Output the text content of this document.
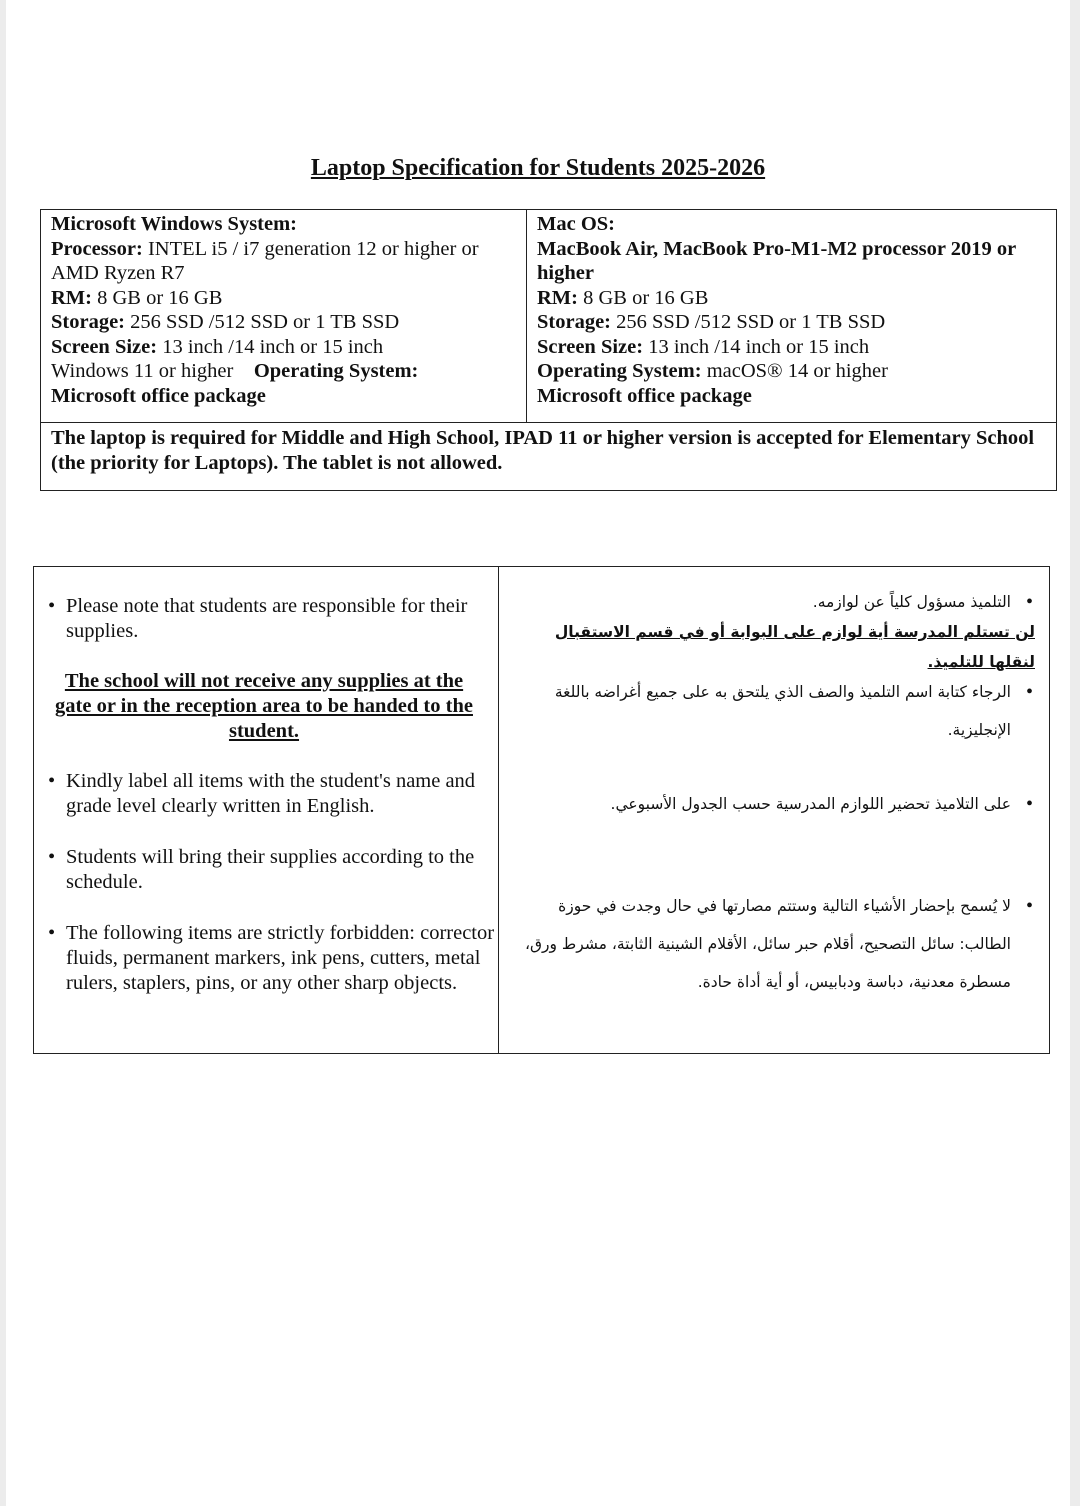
Laptop Specification for Students 2025-2026
Microsoft Windows System:
Processor: INTEL i5 / i7 generation 12 or higher or AMD Ryzen R7
RM: 8 GB or 16 GB
Storage: 256 SSD /512 SSD or 1 TB SSD
Screen Size: 13 inch /14 inch or 15 inch
Windows 11 or higher Operating System:
Microsoft office package
Mac OS:
MacBook Air, MacBook Pro-M1-M2 processor 2019 or higher
RM: 8 GB or 16 GB
Storage: 256 SSD /512 SSD or 1 TB SSD
Screen Size: 13 inch /14 inch or 15 inch
Operating System: macOS® 14 or higher
Microsoft office package
The laptop is required for Middle and High School, IPAD 11 or higher version is accepted for Elementary School (the priority for Laptops). The tablet is not allowed.
• Please note that students are responsible for their supplies.
The school will not receive any supplies at the gate or in the reception area to be handed to the student.
• Kindly label all items with the student's name and grade level clearly written in English.
• Students will bring their supplies according to the schedule.
• The following items are strictly forbidden: corrector fluids, permanent markers, ink pens, cutters, metal rulers, staplers, pins, or any other sharp objects.
التلميذ مسؤول كلياً عن لوازمه. •
لن تستلم المدرسة أية لوازم على البوابة أو في قسم الاستقبال لنقلها للتلميذ.
الرجاء كتابة اسم التلميذ والصف الذي يلتحق به على جميع أغراضه باللغة الإنجليزية. •
على التلاميذ تحضير اللوازم المدرسية حسب الجدول الأسبوعي. •
لا يُسمح بإحضار الأشياء التالية وستتم مصارتها في حال وجدت في حوزة الطالب: سائل التصحيح، أقلام حبر سائل، الأقلام الشينية الثابتة، مشرط ورق، مسطرة معدنية، دباسة ودبابيس، أو أية أداة حادة. •
